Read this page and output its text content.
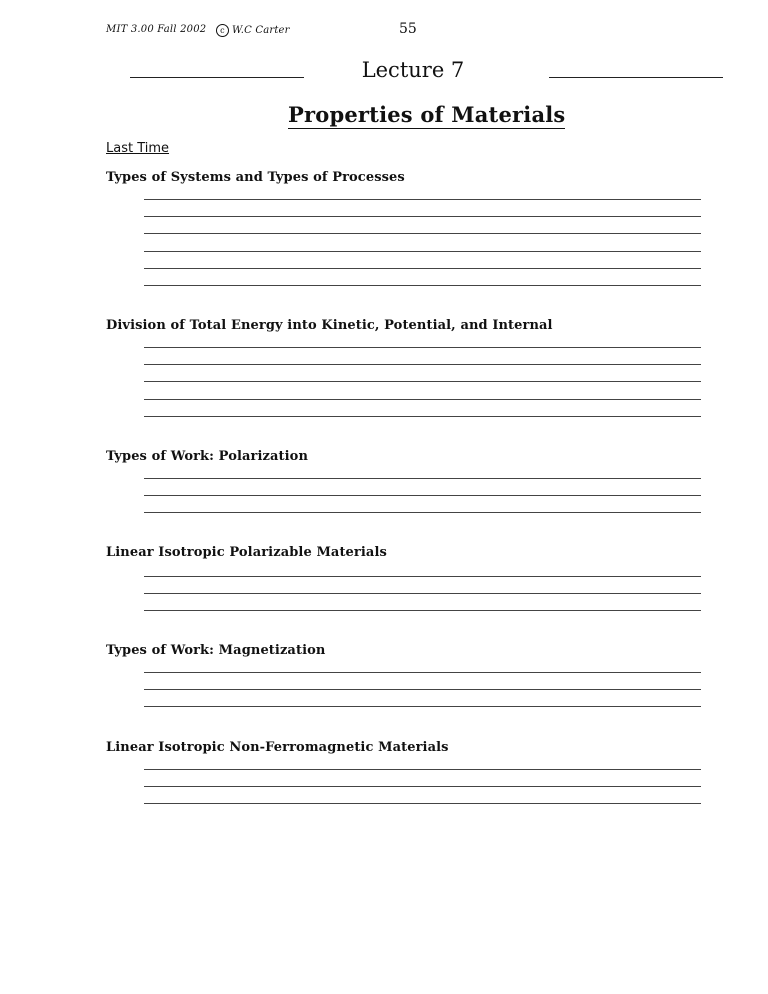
MIT 3.00 Fall 2002	c W.C Carter	55
Lecture 7
Properties of Materials
Last Time
Types of Systems and Types of Processes
Division of Total Energy into Kinetic, Potential, and Internal
Types of Work: Polarization
Linear Isotropic Polarizable Materials
Types of Work: Magnetization
Linear Isotropic Non-Ferromagnetic Materials
